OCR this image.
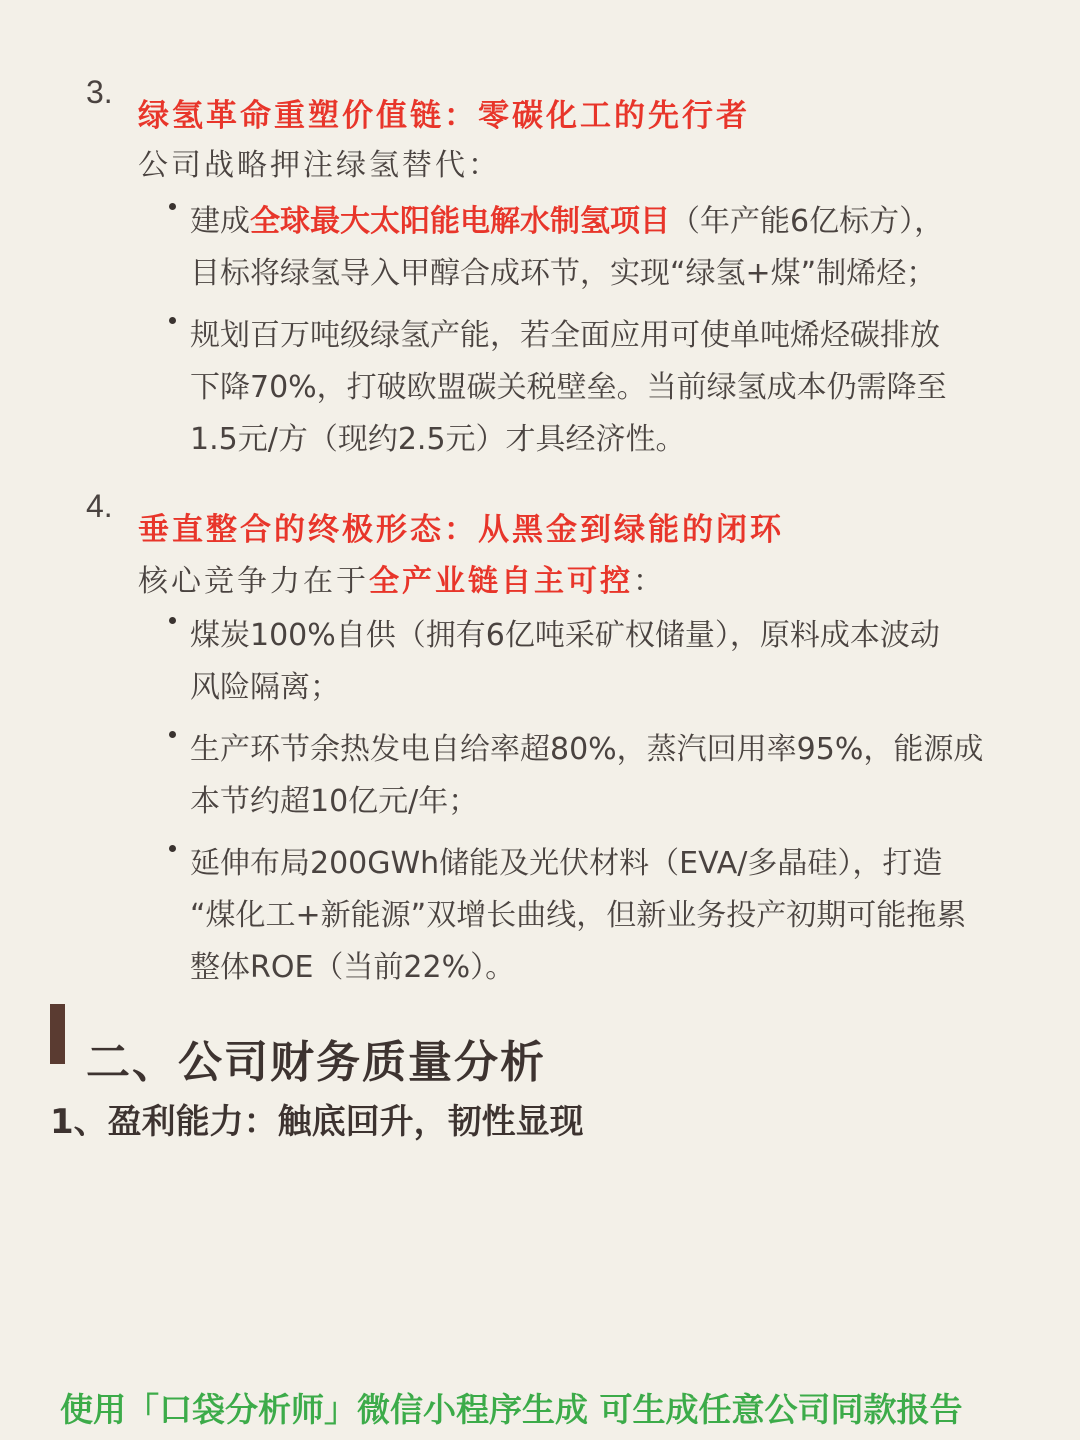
3.
绿氢革命重塑价值链：零碳化工的先行者
公司战略押注绿氢替代：
建成全球最大太阳能电解水制氢项目（年产能6亿标方），
目标将绿氢导入甲醇合成环节，实现“绿氢+煤”制烯烃；
规划百万吨级绿氢产能，若全面应用可使单吨烯烃碳排放
下降70%，打破欧盟碳关税壁垒。当前绿氢成本仍需降至
1.5元/方（现约2.5元）才具经济性。
4.
垂直整合的终极形态：从黑金到绿能的闭环
核心竞争力在于全产业链自主可控：
煤炭100%自供（拥有6亿吨采矿权储量），原料成本波动
风险隔离；
生产环节余热发电自给率超80%，蒸汽回用率95%，能源成
本节约超10亿元/年；
延伸布局200GWh储能及光伏材料（EVA/多晶硅），打造
“煤化工+新能源”双增长曲线，但新业务投产初期可能拖累
整体ROE（当前22%）。
二、公司财务质量分析
1、盈利能力：触底回升，韧性显现
使用「口袋分析师」微信小程序生成 可生成任意公司同款报告
